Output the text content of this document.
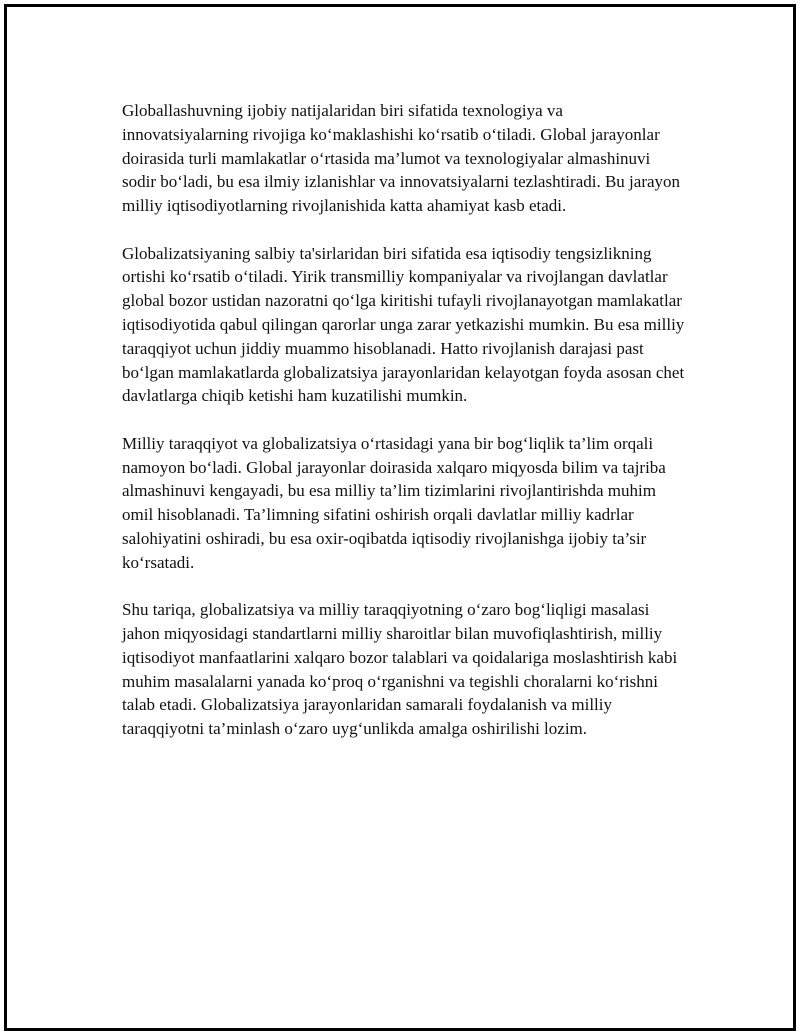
Globallashuvning ijobiy natijalaridan biri sifatida texnologiya va innovatsiyalarning rivojiga ko‘maklashishi ko‘rsatib o‘tiladi. Global jarayonlar doirasida turli mamlakatlar o‘rtasida ma’lumot va texnologiyalar almashinuvi sodir bo‘ladi, bu esa ilmiy izlanishlar va innovatsiyalarni tezlashtiradi. Bu jarayon milliy iqtisodiyotlarning rivojlanishida katta ahamiyat kasb etadi.

Globalizatsiyaning salbiy ta'sirlaridan biri sifatida esa iqtisodiy tengsizlikning ortishi ko‘rsatib o‘tiladi. Yirik transmilliy kompaniyalar va rivojlangan davlatlar global bozor ustidan nazoratni qo‘lga kiritishi tufayli rivojlanayotgan mamlakatlar iqtisodiyotida qabul qilingan qarorlar unga zarar yetkazishi mumkin. Bu esa milliy taraqqiyot uchun jiddiy muammo hisoblanadi. Hatto rivojlanish darajasi past bo‘lgan mamlakatlarda globalizatsiya jarayonlaridan kelayotgan foyda asosan chet davlatlarga chiqib ketishi ham kuzatilishi mumkin.

Milliy taraqqiyot va globalizatsiya o‘rtasidagi yana bir bog‘liqlik ta’lim orqali namoyon bo‘ladi. Global jarayonlar doirasida xalqaro miqyosda bilim va tajriba almashinuvi kengayadi, bu esa milliy ta’lim tizimlarini rivojlantirishda muhim omil hisoblanadi. Ta’limning sifatini oshirish orqali davlatlar milliy kadrlar salohiyatini oshiradi, bu esa oxir-oqibatda iqtisodiy rivojlanishga ijobiy ta’sir ko‘rsatadi.

Shu tariqa, globalizatsiya va milliy taraqqiyotning o‘zaro bog‘liqligi masalasi jahon miqyosidagi standartlarni milliy sharoitlar bilan muvofiqlashtirish, milliy iqtisodiyot manfaatlarini xalqaro bozor talablari va qoidalariga moslashtirish kabi muhim masalalarni yanada ko‘proq o‘rganishni va tegishli choralarni ko‘rishni talab etadi. Globalizatsiya jarayonlaridan samarali foydalanish va milliy taraqqiyotni ta’minlash o‘zaro uyg‘unlikda amalga oshirilishi lozim.
